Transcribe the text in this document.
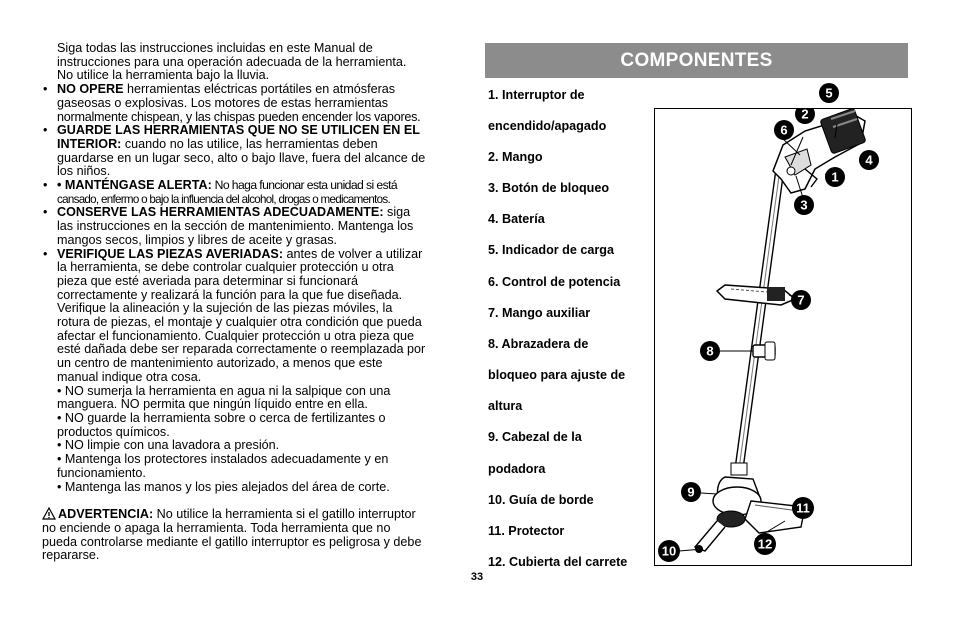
Siga todas las instrucciones incluidas en este Manual de

instrucciones para una operación adecuada de la herramienta.

No utilice la herramienta bajo la lluvia.

• NO OPERE herramientas eléctricas portátiles en atmósferas

gaseosas o explosivas. Los motores de estas herramientas

normalmente chispean, y las chispas pueden encender los vapores.

• GUARDE LAS HERRAMIENTAS QUE NO SE UTILICEN EN EL

INTERIOR: cuando no las utilice, las herramientas deben

guardarse en un lugar seco, alto o bajo llave, fuera del alcance de

los niños.

• • MANTÉNGASE ALERTA: No haga funcionar esta unidad si está

cansado, enfermo o bajo la influencia del alcohol, drogas o medicamentos.

• CONSERVE LAS HERRAMIENTAS ADECUADAMENTE: siga

las instrucciones en la sección de mantenimiento. Mantenga los

mangos secos, limpios y libres de aceite y grasas.

• VERIFIQUE LAS PIEZAS AVERIADAS: antes de volver a utilizar

la herramienta, se debe controlar cualquier protección u otra

pieza que esté averiada para determinar si funcionará

correctamente y realizará la función para la que fue diseñada.

Verifique la alineación y la sujeción de las piezas móviles, la

rotura de piezas, el montaje y cualquier otra condición que pueda

afectar el funcionamiento. Cualquier protección u otra pieza que

esté dañada debe ser reparada correctamente o reemplazada por

un centro de mantenimiento autorizado, a menos que este

manual indique otra cosa.

• NO sumerja la herramienta en agua ni la salpique con una

manguera. NO permita que ningún líquido entre en ella.

• NO guarde la herramienta sobre o cerca de fertilizantes o

productos químicos.

• NO limpie con una lavadora a presión.

• Mantenga los protectores instalados adecuadamente y en

funcionamiento.

• Mantenga las manos y los pies alejados del área de corte.

ADVERTENCIA: No utilice la herramienta si el gatillo interruptor

no enciende o apaga la herramienta. Toda herramienta que no

pueda controlarse mediante el gatillo interruptor es peligrosa y debe

repararse.

COMPONENTES
1. Interruptor de
encendido/apagado
2. Mango
3. Botón de bloqueo
4. Batería
5. Indicador de carga
6. Control de potencia
7. Mango auxiliar
8. Abrazadera de
bloqueo para ajuste de
altura
9. Cabezal de la
podadora
10. Guía de borde
11. Protector
12. Cubierta del carrete
1
2
3
4
6
7
8
9
11
12
10
5
33
